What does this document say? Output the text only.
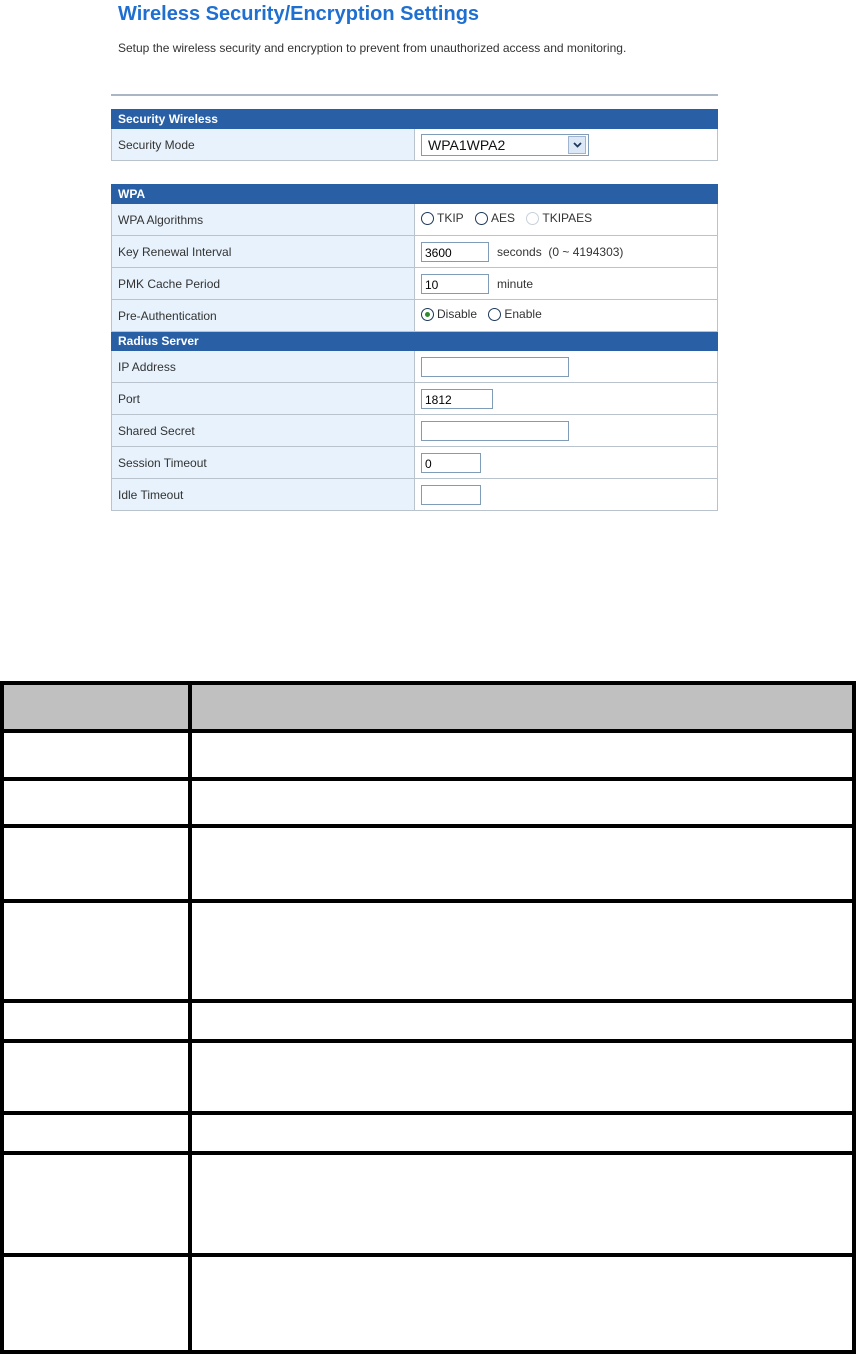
Wireless Security/Encryption Settings
Setup the wireless security and encryption to prevent from unauthorized access and monitoring.
Security Wireless
Security Mode	WPA1WPA2
WPA	
WPA Algorithms	TKIP
AES
TKIPAES

Key Renewal Interval	3600 seconds  (0 ~ 4194303)
PMK Cache Period	10 minute
Pre-Authentication	Disable
Enable

Radius Server	
IP Address	
Port	1812
Shared Secret	
Session Timeout	0
Idle Timeout	
